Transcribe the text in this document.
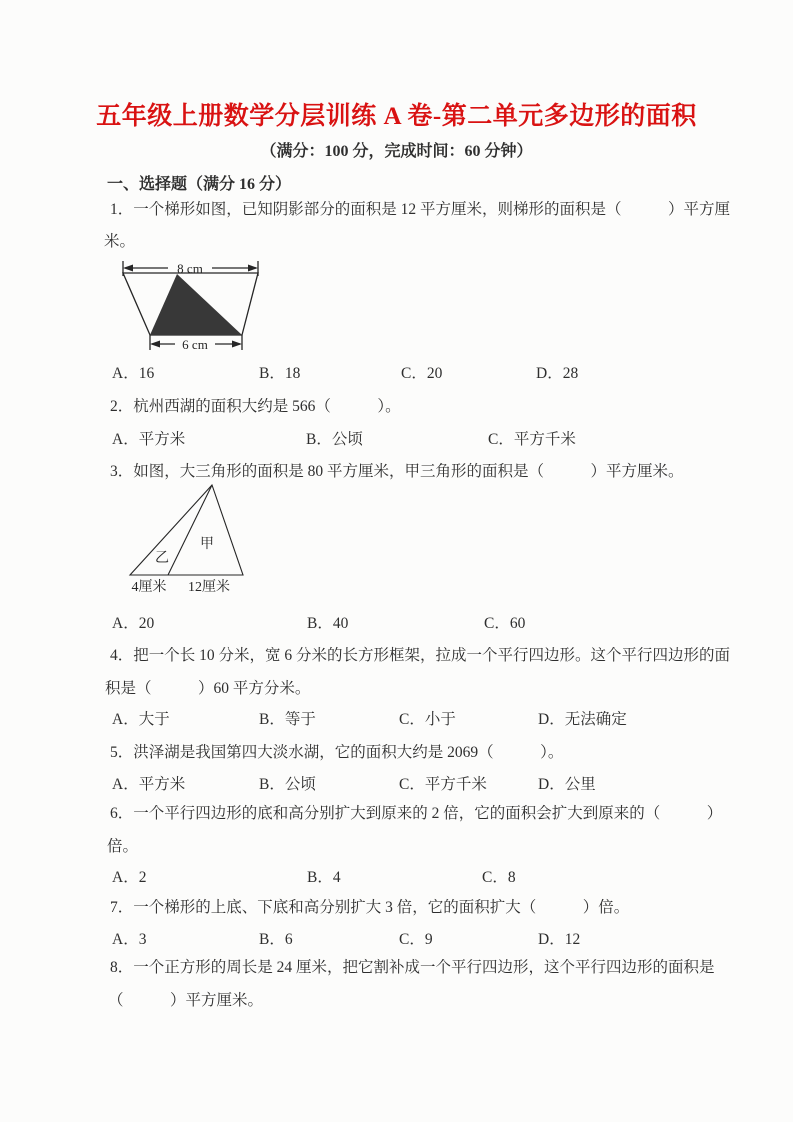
五年级上册数学分层训练 A 卷-第二单元多边形的面积
（满分：100 分，完成时间：60 分钟）
一、选择题（满分 16 分）
1．一个梯形如图，已知阴影部分的面积是 12 平方厘米，则梯形的面积是（　　　）平方厘
米。
8 cm
6 cm
A．16	B．18	C．20	D．28
2．杭州西湖的面积大约是 566（　　　）。
A．平方米	B．公顷	C．平方千米
3．如图，大三角形的面积是 80 平方厘米，甲三角形的面积是（　　　）平方厘米。
乙
甲
4厘米 12厘米
A．20	B．40	C．60
4．把一个长 10 分米，宽 6 分米的长方形框架，拉成一个平行四边形。这个平行四边形的面
积是（　　　）60 平方分米。
A．大于	B．等于	C．小于	D．无法确定
5．洪泽湖是我国第四大淡水湖，它的面积大约是 2069（　　　）。
A．平方米	B．公顷	C．平方千米	D．公里
6．一个平行四边形的底和高分别扩大到原来的 2 倍，它的面积会扩大到原来的（　　　）
倍。
A．2	B．4	C．8
7．一个梯形的上底、下底和高分别扩大 3 倍，它的面积扩大（　　　）倍。
A．3	B．6	C．9	D．12
8．一个正方形的周长是 24 厘米，把它割补成一个平行四边形，这个平行四边形的面积是
（　　　）平方厘米。
